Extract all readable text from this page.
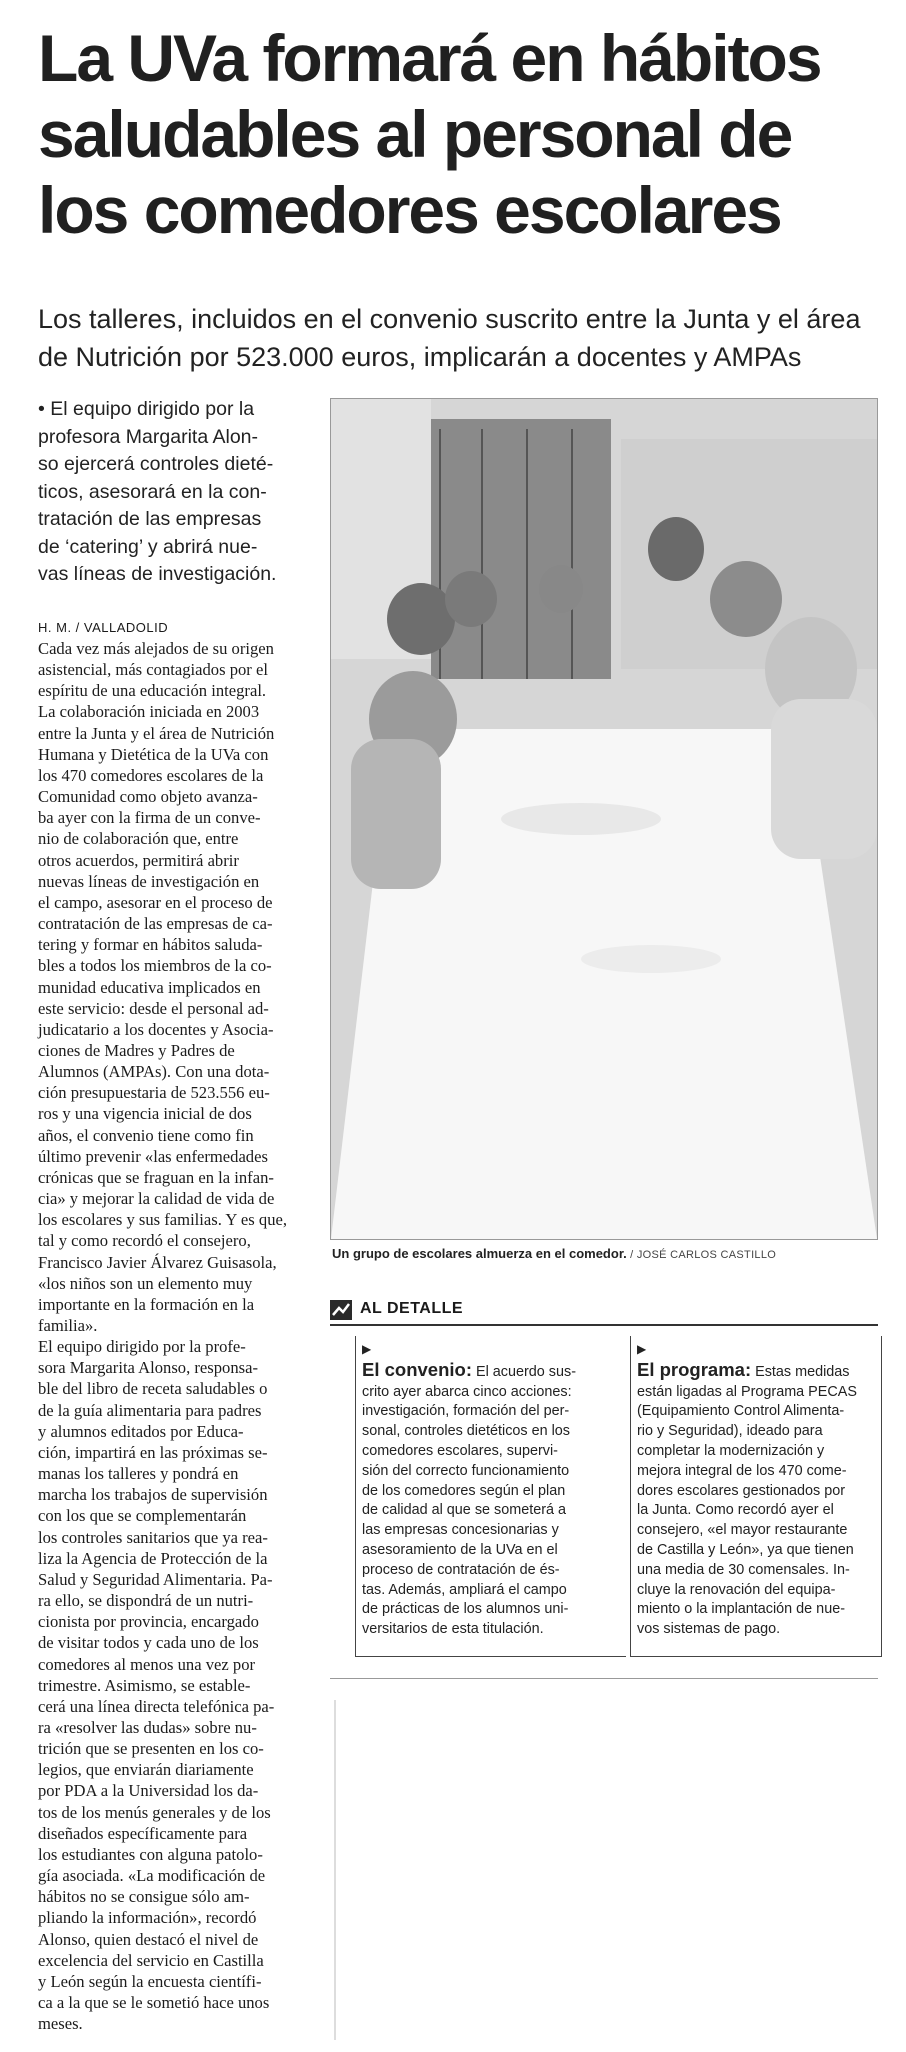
La UVa formará en hábitos
saludables al personal de
los comedores escolares
Los talleres, incluidos en el convenio suscrito entre la Junta y el área
de Nutrición por 523.000 euros, implicarán a docentes y AMPAs
• El equipo dirigido por la
profesora Margarita Alon-
so ejercerá controles dieté-
ticos, asesorará en la con-
tratación de las empresas
de ‘catering’ y abrirá nue-
vas líneas de investigación.
H. M. / VALLADOLID
Cada vez más alejados de su origen
asistencial, más contagiados por el
espíritu de una educación integral.
La colaboración iniciada en 2003
entre la Junta y el área de Nutrición
Humana y Dietética de la UVa con
los 470 comedores escolares de la
Comunidad como objeto avanza-
ba ayer con la firma de un conve-
nio de colaboración que, entre
otros acuerdos, permitirá abrir
nuevas líneas de investigación en
el campo, asesorar en el proceso de
contratación de las empresas de ca-
tering y formar en hábitos saluda-
bles a todos los miembros de la co-
munidad educativa implicados en
este servicio: desde el personal ad-
judicatario a los docentes y Asocia-
ciones de Madres y Padres de
Alumnos (AMPAs). Con una dota-
ción presupuestaria de 523.556 eu-
ros y una vigencia inicial de dos
años, el convenio tiene como fin
último prevenir «las enfermedades
crónicas que se fraguan en la infan-
cia» y mejorar la calidad de vida de
los escolares y sus familias. Y es que,
tal y como recordó el consejero,
Francisco Javier Álvarez Guisasola,
«los niños son un elemento muy
importante en la formación en la
familia».
El equipo dirigido por la profe-
sora Margarita Alonso, responsa-
ble del libro de receta saludables o
de la guía alimentaria para padres
y alumnos editados por Educa-
ción, impartirá en las próximas se-
manas los talleres y pondrá en
marcha los trabajos de supervisión
con los que se complementarán
los controles sanitarios que ya rea-
liza la Agencia de Protección de la
Salud y Seguridad Alimentaria. Pa-
ra ello, se dispondrá de un nutri-
cionista por provincia, encargado
de visitar todos y cada uno de los
comedores al menos una vez por
trimestre. Asimismo, se estable-
cerá una línea directa telefónica pa-
ra «resolver las dudas» sobre nu-
trición que se presenten en los co-
legios, que enviarán diariamente
por PDA a la Universidad los da-
tos de los menús generales y de los
diseñados específicamente para
los estudiantes con alguna patolo-
gía asociada. «La modificación de
hábitos no se consigue sólo am-
pliando la información», recordó
Alonso, quien destacó el nivel de
excelencia del servicio en Castilla
y León según la encuesta científi-
ca a la que se le sometió hace unos
meses.
Un grupo de escolares almuerza en el comedor. / JOSÉ CARLOS CASTILLO
AL DETALLE
▶
El convenio: El acuerdo sus-
crito ayer abarca cinco acciones:
investigación, formación del per-
sonal, controles dietéticos en los
comedores escolares, supervi-
sión del correcto funcionamiento
de los comedores según el plan
de calidad al que se someterá a
las empresas concesionarias y
asesoramiento de la UVa en el
proceso de contratación de és-
tas. Además, ampliará el campo
de prácticas de los alumnos uni-
versitarios de esta titulación.
▶
El programa: Estas medidas
están ligadas al Programa PECAS
(Equipamiento Control Alimenta-
rio y Seguridad), ideado para
completar la modernización y
mejora integral de los 470 come-
dores escolares gestionados por
la Junta. Como recordó ayer el
consejero, «el mayor restaurante
de Castilla y León», ya que tienen
una media de 30 comensales. In-
cluye la renovación del equipa-
miento o la implantación de nue-
vos sistemas de pago.
